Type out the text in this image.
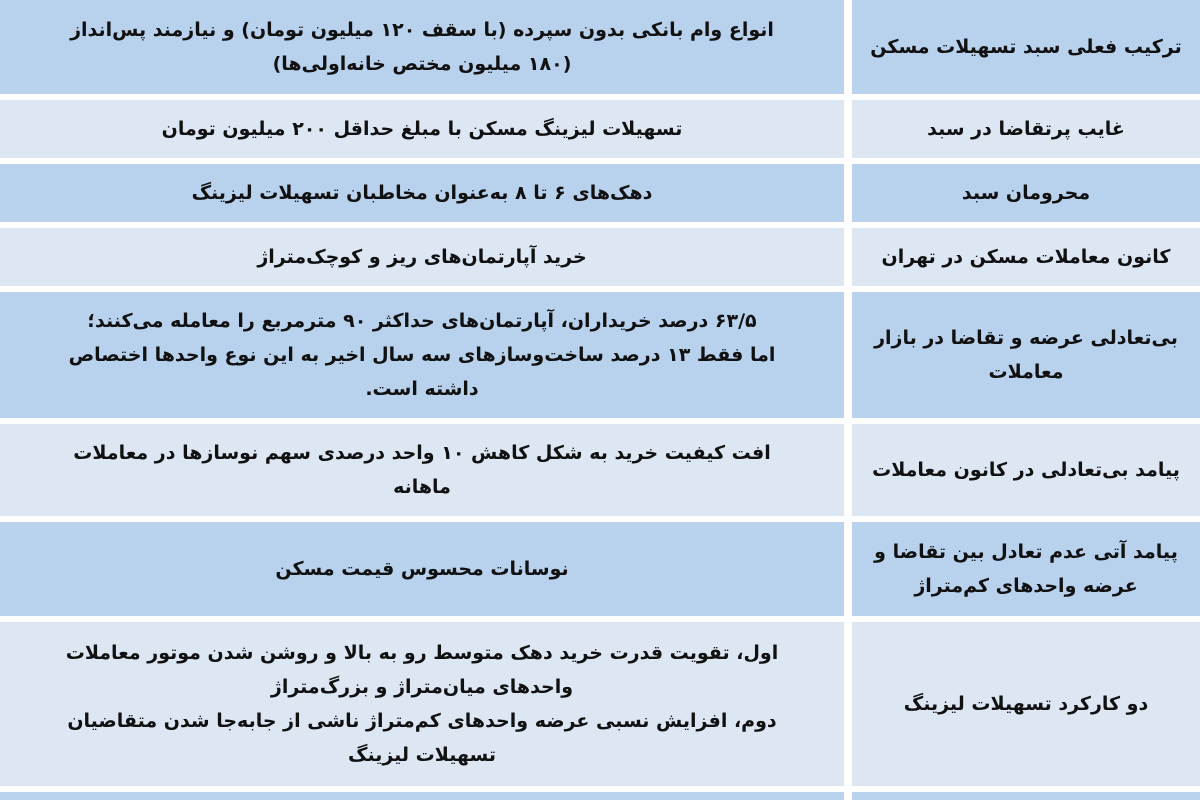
ترکیب فعلی سبد تسهیلات مسکن
انواع وام بانکی بدون سپرده (با سقف ۱۲۰ میلیون تومان) و نیازمند پس‌انداز
(۱۸۰ میلیون مختص خانه‌اولی‌ها)
غایب پرتقاضا در سبد
تسهیلات لیزینگ مسکن با مبلغ حداقل ۲۰۰ میلیون تومان
محرومان سبد
دهک‌های ۶ تا ۸ به‌عنوان مخاطبان تسهیلات لیزینگ
کانون معاملات مسکن در تهران
خرید آپارتمان‌های ریز و کوچک‌متراژ
بی‌تعادلی عرضه و تقاضا در بازار معاملات
۶۳/۵ درصد خریداران، آپارتمان‌های حداکثر ۹۰ مترمربع را معامله می‌کنند؛
اما فقط ۱۳ درصد ساخت‌وسازهای سه سال اخیر به این نوع واحدها اختصاص
داشته است.
پیامد بی‌تعادلی در کانون معاملات
افت کیفیت خرید به شکل کاهش ۱۰ واحد درصدی سهم نوسازها در معاملات
ماهانه
پیامد آتی عدم تعادل بین تقاضا و عرضه واحدهای کم‌متراژ
نوسانات محسوس قیمت مسکن
دو کارکرد تسهیلات لیزینگ
اول، تقویت قدرت خرید دهک متوسط رو به بالا و روشن شدن موتور معاملات
واحدهای میان‌متراژ و بزرگ‌متراژ
دوم، افزایش نسبی عرضه واحدهای کم‌متراژ ناشی از جابه‌جا شدن متقاضیان
تسهیلات لیزینگ
